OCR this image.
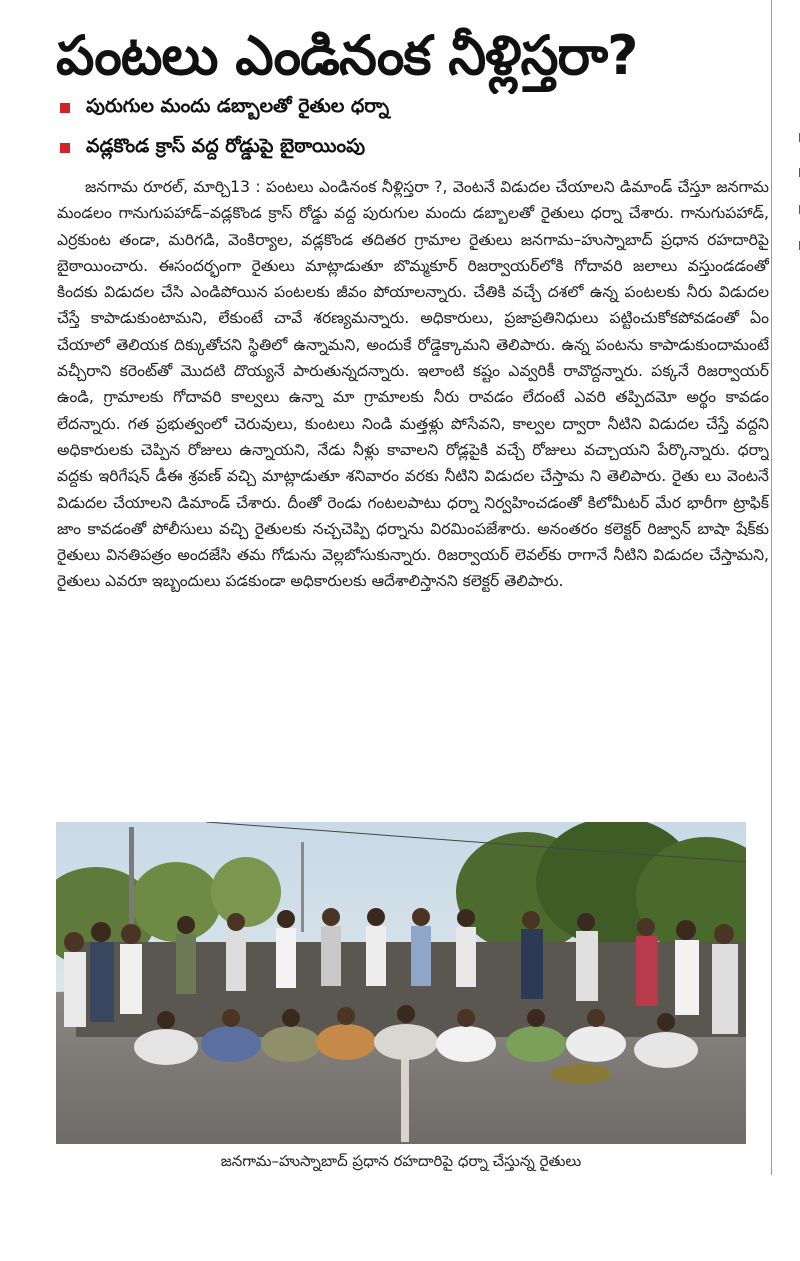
పంటలు ఎండినంక నీళ్లిస్తరా?
పురుగుల మందు డబ్బాలతో రైతుల ధర్నా
వడ్లకొండ క్రాస్ వద్ద రోడ్డుపై బైఠాయింపు
జనగామ రూరల్, మార్చి13 : పంటలు ఎండినంక నీళ్లిస్తరా ?, వెంటనే విడుదల చేయాలని డిమాండ్ చేస్తూ జనగామ మండలం గానుగుపహాడ్–వడ్లకొండ క్రాస్ రోడ్డు వద్ద పురుగుల మందు డబ్బాలతో రైతులు ధర్నా చేశారు. గానుగుపహాడ్, ఎర్రకుంట తండా, మరిగడి, వెంకిర్యాల, వడ్లకొండ తదితర గ్రామాల రైతులు జనగామ–హుస్నాబాద్ ప్రధాన రహదారిపై బైఠాయించారు. ఈసందర్భంగా రైతులు మాట్లాడుతూ బొమ్మకూర్ రిజర్వాయర్‌లోకి గోదావరి జలాలు వస్తుండడంతో కిందకు విడుదల చేసి ఎండిపోయిన పంటలకు జీవం పోయాలన్నారు. చేతికి వచ్చే దశలో ఉన్న పంటలకు నీరు విడుదల చేస్తే కాపాడుకుంటామని, లేకుంటే చావే శరణ్యమన్నారు. అధికారులు, ప్రజాప్రతినిధులు పట్టించుకోకపోవడంతో ఏం చేయాలో తెలియక దిక్కుతోచని స్థితిలో ఉన్నామని, అందుకే రోడ్డెక్కామని తెలిపారు. ఉన్న పంటను కాపాడుకుందామంటే వచ్చీరాని కరెంట్‌తో మొదటి దొయ్యనే పారుతున్నదన్నారు. ఇలాంటి కష్టం ఎవ్వరికీ రావొద్దన్నారు. పక్కనే రిజర్వాయర్ ఉండి, గ్రామాలకు గోదావరి కాల్వలు ఉన్నా మా గ్రామాలకు నీరు రావడం లేదంటే ఎవరి తప్పిదమో అర్థం కావడం లేదన్నారు. గత ప్రభుత్వంలో చెరువులు, కుంటలు నిండి మత్తళ్లు పోసేవని, కాల్వల ద్వారా నీటిని విడుదల చేస్తే వద్దని అధికారులకు చెప్పిన రోజులు ఉన్నాయని, నేడు నీళ్లు కావాలని రోడ్లపైకి వచ్చే రోజులు వచ్చాయని పేర్కొన్నారు. ధర్నా వద్దకు ఇరిగేషన్ డీఈ శ్రవణ్ వచ్చి మాట్లాడుతూ శనివారం వరకు నీటిని విడుదల చేస్తామ ని తెలిపారు. రైతు లు వెంటనే విడుదల చేయాలని డిమాండ్ చేశారు. దీంతో రెండు గంటలపాటు ధర్నా నిర్వహించడంతో కిలోమీటర్ మేర భారీగా ట్రాఫిక్ జాం కావడంతో పోలీసులు వచ్చి రైతులకు నచ్చచెప్పి ధర్నాను విరమింపజేశారు. అనంతరం కలెక్టర్ రిజ్వాన్ బాషా షేక్‌కు రైతులు వినతిపత్రం అందజేసి తమ గోడును వెల్లబోసుకున్నారు. రిజర్వాయర్ లెవల్‌కు రాగానే నీటిని విడుదల చేస్తామని, రైతులు ఎవరూ ఇబ్బందులు పడకుండా అధికారులకు ఆదేశాలిస్తానని కలెక్టర్ తెలిపారు.
జనగామ–హుస్నాబాద్ ప్రధాన రహదారిపై ధర్నా చేస్తున్న రైతులు
